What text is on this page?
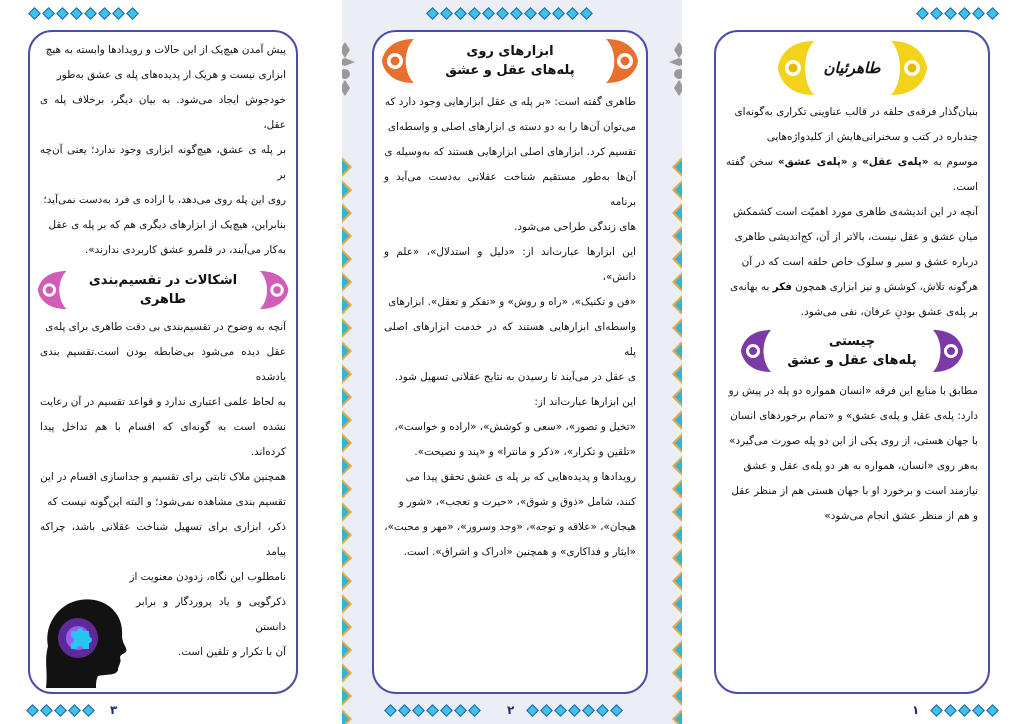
پیش آمدن هیچ‌یک از این حالات و رویدادها وابسته به هیچ

ابزاری نیست و هریک از پدیده‌های پله ی عشق به‌طور

خودجوش ایجاد می‌شود. به بیان دیگر، برخلاف پله ی عقل،

بر پله ی عشق، هیچ‌گونه ابزاری وجود ندارد؛ یعنی آن‌چه بر

روی این پله روی می‌دهد، با اراده ی فرد به‌دست نمی‌آید؛

بنابراین، هیچ‌یک از ابزارهای دیگری هم که بر پله ی عقل

به‌کار می‌آیند، در قلمرو عشق کاربردی ندارند».

اشکالات در تقسیم‌بندی طاهری

آنچه به وضوح در تقسیم‌بندی بی دقت طاهری برای پله‌ی

عقل دیده می‌شود بی‌ضابطه بودن است.تقسیم بندی یادشده

به لحاظ علمی اعتباری ندارد و قواعد تقسیم در آن رعایت

نشده است به گونه‌ای که اقسام با هم تداخل پیدا کرده‌اند.

همچنین ملاک ثابتی برای تقسیم و جداسازی اقسام در این

تقسیم بندی مشاهده نمی‌شود؛ و البته این‌گونه نیست که

ذکر، ابزاری برای تسهیل شناخت عقلانی باشد، چراکه پیامد

نامطلوب این نگاه، زدودن معنویت از

ذکرگویی و یاد پروردگار و برابر دانستن

آن با تکرار و تلقین است.

۳
ابزارهای روی
پله‌های عقل و عشق

طاهری گفته است: «بر پله ی عقل ابزارهایی وجود دارد که

می‌توان آن‌ها را به دو دسته ی ابزارهای اصلی و واسطه‌ای

تقسیم کرد. ابزارهای اصلی ابزارهایی هستند که به‌وسیله ی

آن‌ها به‌طور مستقیم شناخت عقلانی به‌دست می‌آید و برنامه

های زندگی طراحی می‌شود.

این ابزارها عبارت‌اند از: «دلیل و استدلال»، «علم و دانش»،

«فن و تکنیک»، «راه و روش» و «تفکر و تعقل». ابزارهای

واسطه‌ای ابزارهایی هستند که در خدمت ابزارهای اصلی پله

ی عقل در می‌آیند تا رسیدن به نتایج عقلانی تسهیل شود.

این ابزارها عبارت‌اند از:

«تخیل و تصور»، «سعی و کوشش»، «اراده و خواست»،

«تلقین و تکرار»، «ذکر و مانترا» و «پند و نصیحت».

رویدادها و پدیده‌هایی که بر پله ی عشق تحقق پیدا می

کنند، شامل «ذوق و شوق»، «حیرت و تعجب»، «شور و

هیجان»، «علاقه و توجه»، «وجد وسرور»، «مهر و محبت»،

«ایثار و فداکاری» و همچنین «ادراک و اشراق». است.

۲
طاهرئیان

بنیان‌گذار فرقه‌ی حلقه در قالب عناوینی تکراری به‌گونه‌ای

چندباره در کتب و سخنرانی‌هایش از کلیدواژه‌هایی

موسوم به «پله‌ی عقل» و «پله‌ی عشق» سخن گفته است.

آنچه در این اندیشه‌ی طاهری مورد اهمیّت است کشمکش

میان عشق و عقل نیست، بالاتر از آن، کج‌اندیشی طاهری

درباره عشق و سیر و سلوک خاص حلقه است که در آن

هرگونه تلاش، کوشش و نیز ابزاری همچون فکر به بهانه‌ی

بر پله‌ی عشق بودنِ عرفان، نفی می‌شود.

چیستی
پله‌های عقل و عشق

مطابق با منابع این فرقه «انسان همواره دو پله در پیش رو

دارد: پله‌ی عقل و پله‌ی عشق» و «تمام برخوردهای انسان

با جهان هستی، از روی یکی از این دو پله صورت می‌گیرد»

به‌هر روی «انسان، همواره به هر دو پله‌ی عقل و عشق

نیازمند است و برخورد او با جهان هستی هم از منظر عقل

و هم از منظر عشق انجام می‌شود»

۱
